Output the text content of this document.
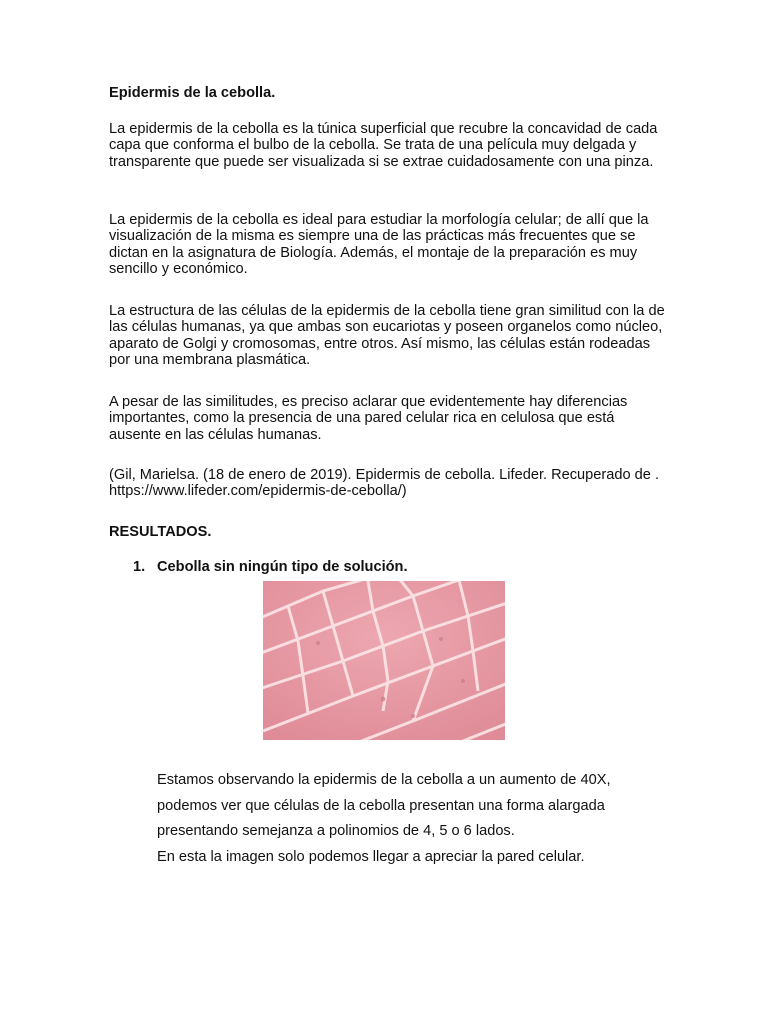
Epidermis de la cebolla.

La epidermis de la cebolla es la túnica superficial que recubre la concavidad de cada capa que conforma el bulbo de la cebolla. Se trata de una película muy delgada y transparente que puede ser visualizada si se extrae cuidadosamente con una pinza.

La epidermis de la cebolla es ideal para estudiar la morfología celular; de allí que la visualización de la misma es siempre una de las prácticas más frecuentes que se dictan en la asignatura de Biología. Además, el montaje de la preparación es muy sencillo y económico.

La estructura de las células de la epidermis de la cebolla tiene gran similitud con la de las células humanas, ya que ambas son eucariotas y poseen organelos como núcleo, aparato de Golgi y cromosomas, entre otros. Así mismo, las células están rodeadas por una membrana plasmática.

A pesar de las similitudes, es preciso aclarar que evidentemente hay diferencias importantes, como la presencia de una pared celular rica en celulosa que está ausente en las células humanas.

(Gil, Marielsa. (18 de enero de 2019). Epidermis de cebolla. Lifeder. Recuperado de . https://www.lifeder.com/epidermis-de-cebolla/)

RESULTADOS.

1. Cebolla sin ningún tipo de solución.

Estamos observando la epidermis de la cebolla a un aumento de 40X,

podemos ver que células de la cebolla presentan una forma alargada

presentando semejanza a polinomios de 4, 5 o 6 lados.

En esta la imagen solo podemos llegar a apreciar la pared celular.
